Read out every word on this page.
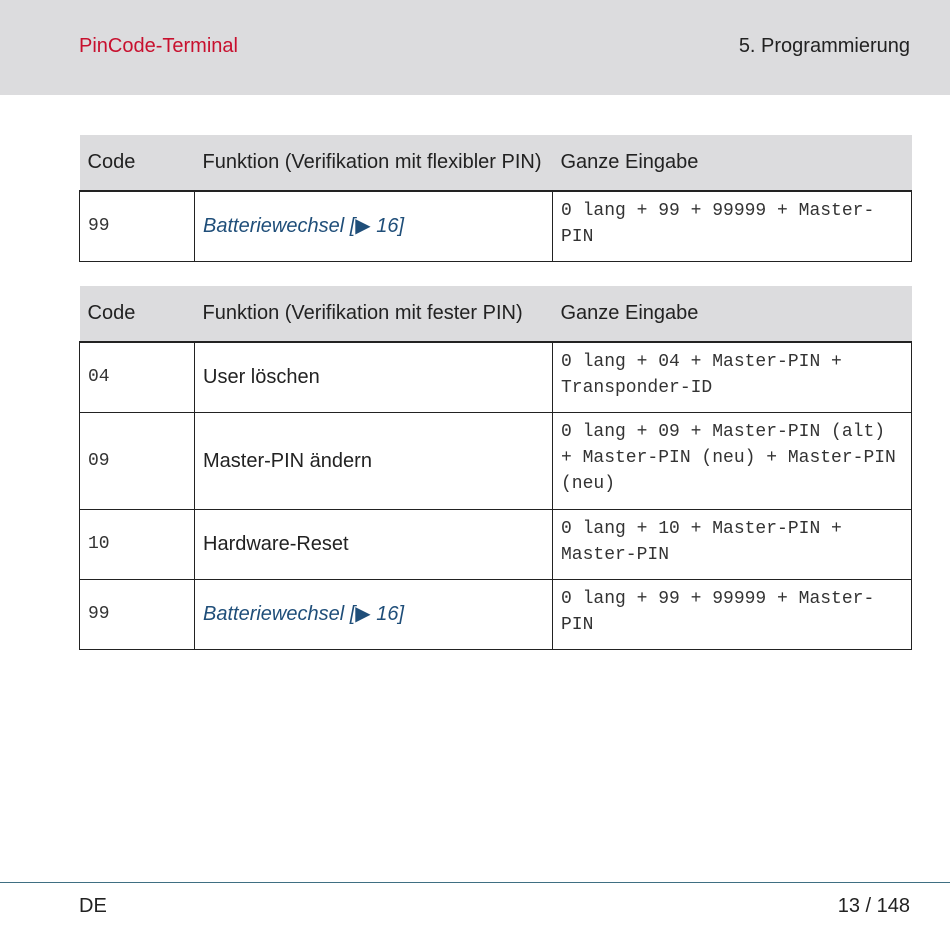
PinCode-Terminal	5. Programmierung
Code	Funktion (Verifikation mit flexibler PIN)	Ganze Eingabe
99	Batteriewechsel [▶ 16]	0 lang + 99 + 99999 + Master-PIN
Code	Funktion (Verifikation mit fester PIN)	Ganze Eingabe
04	User löschen	0 lang + 04 + Master-PIN + Transponder-ID
09	Master-PIN ändern	0 lang + 09 + Master-PIN (alt) + Master-PIN (neu) + Master-PIN (neu)
10	Hardware-Reset	0 lang + 10 + Master-PIN + Master-PIN
99	Batteriewechsel [▶ 16]	0 lang + 99 + 99999 + Master-PIN
DE	13 / 148
